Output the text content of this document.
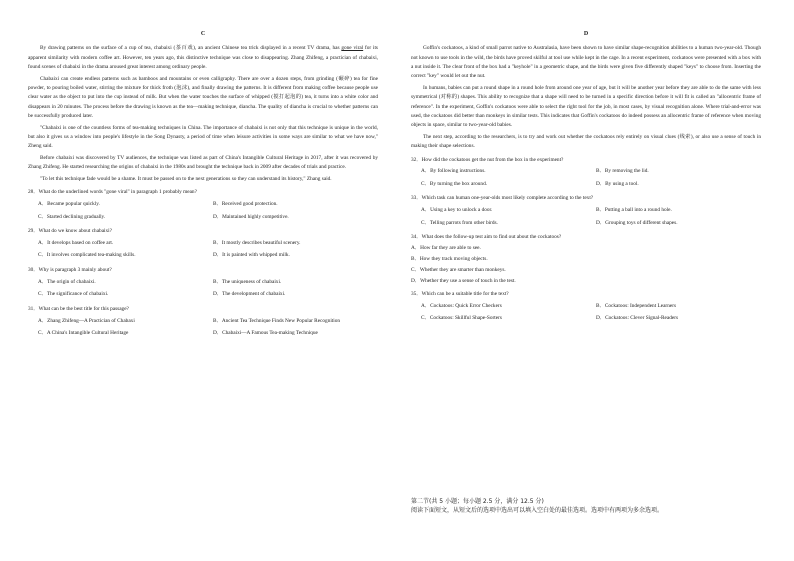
C

By drawing patterns on the surface of a cup of tea, chabaixi (茶百戏), an ancient Chinese tea trick displayed in a recent TV drama, has gone viral for its apparent similarity with modern coffee art. However, ten years ago, this distinctive technique was close to disappearing. Zhang Zhifeng, a practician of chabaixi, found scenes of chabaixi in the drama aroused great interest among ordinary people.

Chabaixi can create endless patterns such as bamboos and mountains or even calligraphy. There are over a dozen steps, from grinding (碾碎) tea for fine powder, to pouring boiled water, stirring the mixture for thick froth (泡沫), and finally drawing the patterns. It is different from making coffee because people use clear water as the object to put into the cup instead of milk. But when the water touches the surface of whipped (搅打起泡的) tea, it turns into a white color and disappears in 20 minutes. The process before the drawing is known as the tea—making technique, diancha. The quality of diancha is crucial to whether patterns can be successfully produced later.

"Chabaixi is one of the countless forms of tea-making techniques in China. The importance of chabaixi is not only that this technique is unique in the world, but also it gives us a window into people's lifestyle in the Song Dynasty, a period of time when leisure activities in some ways are similar to what we have now," Zheng said.

Before chabaixi was discovered by TV audiences, the technique was listed as part of China's Intangible Cultural Heritage in 2017, after it was recovered by Zhang Zhifeng. He started researching the origins of chabaixi in the 1980s and brought the technique back in 2009 after decades of trials and practice.

"To let this technique fade would be a shame. It must be passed on to the next generations so they can understand its history," Zhang said.

28．What do the underlined words "gone viral" in paragraph 1 probably mean?
A．Became popular quickly.	B．Received good protection.
C．Started declining gradually.	D．Maintained highly competitive.
29．What do we know about chabaixi?
A．It develops based on coffee art.	B．It mostly describes beautiful scenery.
C．It involves complicated tea-making skills.	D．It is painted with whipped milk.
30．Why is paragraph 3 mainly about?
A．The origin of chabaixi.	B．The uniqueness of chabaixi.
C．The significance of chabaixi.	D．The development of chabaixi.
31．What can be the best title for this passage?
A．Zhang Zhifeng—A Practician of Chabaxi	B．Ancient Tea Technique Finds New Popular Recognition
C．A China's Intangible Cultural Heritage	D．Chabaixi—A Famous Tea-making Technique
D

Goffin's cockatoos, a kind of small parrot native to Australasia, have been shown to have similar shape-recognition abilities to a human two-year-old. Though not known to use tools in the wild, the birds have proved skilful at tool use while kept in the cage. In a recent experiment, cockatoos were presented with a box with a nut inside it. The clear front of the box had a "keyhole" in a geometric shape, and the birds were given five differently shaped "keys" to choose from. Inserting the correct "key" would let out the nut.

In humans, babies can put a round shape in a round hole from around one year of age, but it will be another year before they are able to do the same with less symmetrical (对称的) shapes. This ability to recognize that a shape will need to be turned in a specific direction before it will fit is called an "allocentric frame of reference". In the experiment, Goffin's cockatoos were able to select the right tool for the job, in most cases, by visual recognition alone. Where trial-and-error was used, the cockatoos did better than monkeys in similar tests. This indicates that Goffin's cockatoos do indeed possess an allocentric frame of reference when moving objects in space, similar to two-year-old babies.

The next step, according to the researchers, is to try and work out whether the cockatoos rely entirely on visual clues (线索), or also use a sense of touch in making their shape selections.

32．How did the cockatoos get the nut from the box in the experiment?
A．By following instructions.	B．By removing the lid.
C．By turning the box around.	D．By using a tool.
33．Which task can human one-year-olds most likely complete according to the text?
A．Using a key to unlock a door.	B．Putting a ball into a round hole.
C．Telling parrots from other birds.	D．Grouping toys of different shapes.
34．What does the follow-up test aim to find out about the cockatoos?
A．How far they are able to see.
B．How they track moving objects.
C．Whether they are smarter than monkeys.
D．Whether they use a sense of touch in the test.
35．Which can be a suitable title for the text?
A．Cockatoos: Quick Error Checkers	B．Cockatoos: Independent Learners
C．Cockatoos: Skillful Shape-Sorters	D．Cockatoos: Clever Signal-Readers
第二节(共 5 小题；每小题 2.5 分，满分 12.5 分)
阅读下面短文，从短文后的选项中选出可以填入空白处的最佳选项。选项中有两项为多余选项。
